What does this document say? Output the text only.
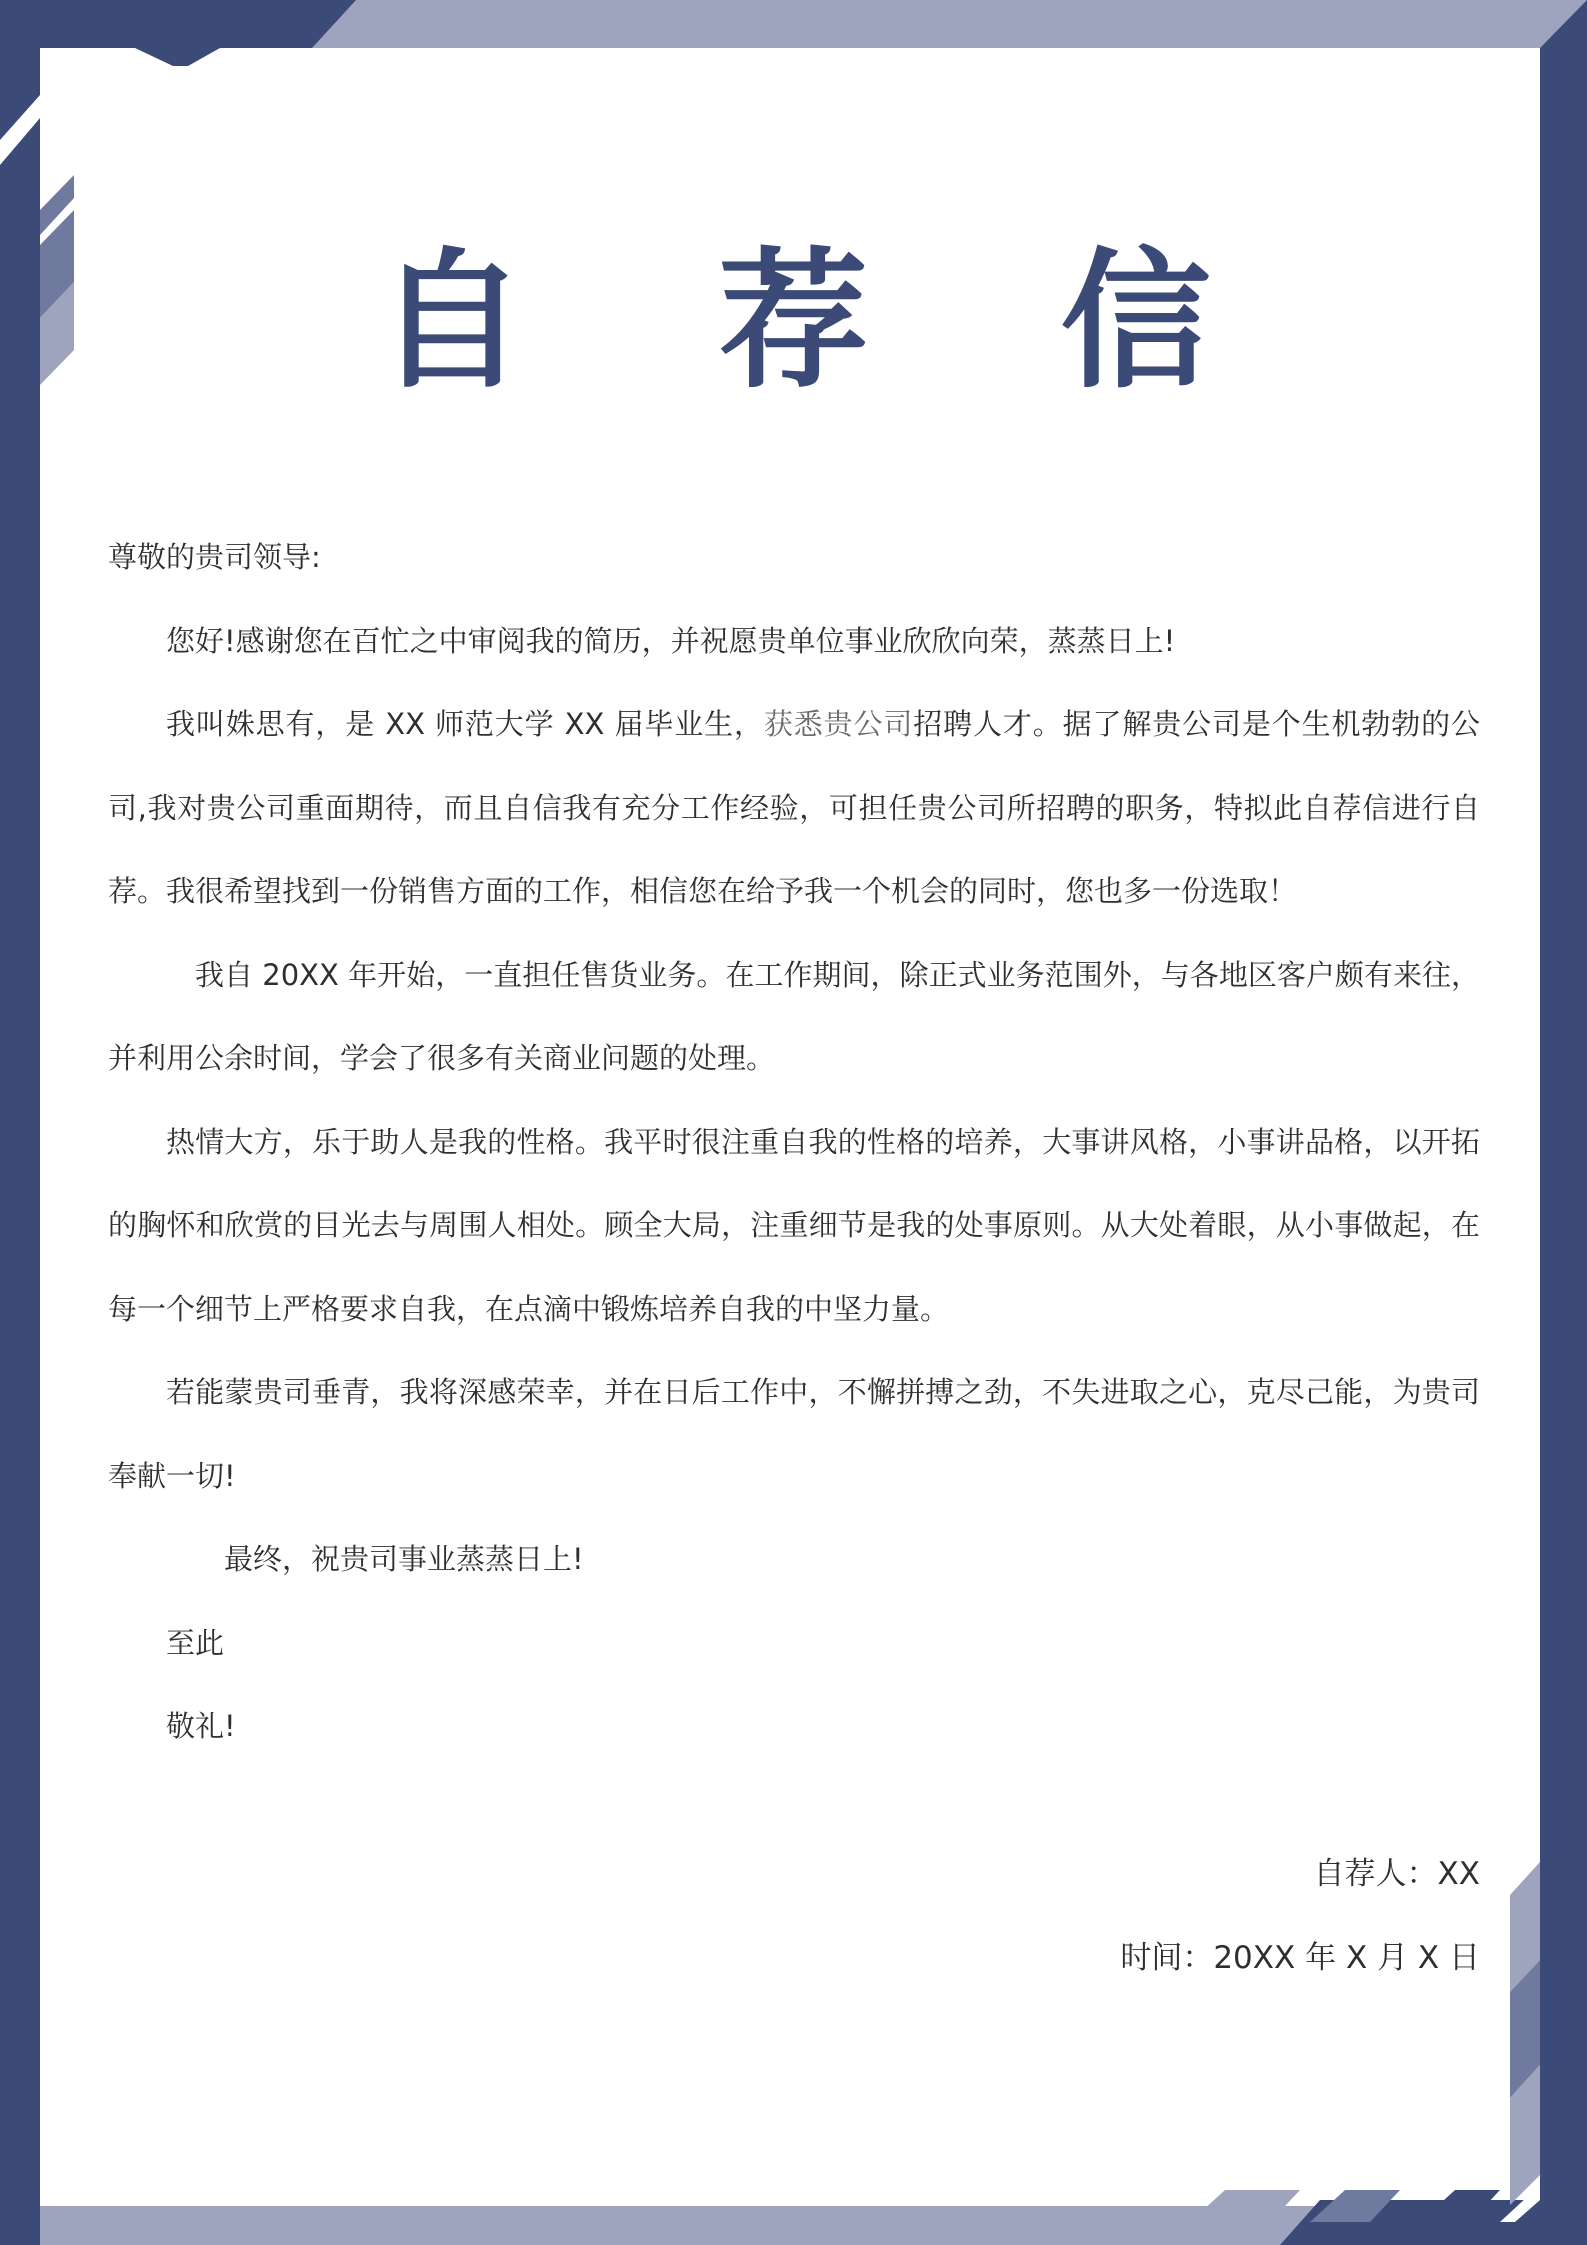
自 荐 信

尊敬的贵司领导:

您好!感谢您在百忙之中审阅我的简历，并祝愿贵单位事业欣欣向荣，蒸蒸日上!

我叫姝思有，是 XX 师范大学 XX 届毕业生，获悉贵公司招聘人才。据了解贵公司是个生机勃勃的公司,我对贵公司重面期待，而且自信我有充分工作经验，可担任贵公司所招聘的职务，特拟此自荐信进行自荐。我很希望找到一份销售方面的工作，相信您在给予我一个机会的同时，您也多一份选取！

我自 20XX 年开始，一直担任售货业务。在工作期间，除正式业务范围外，与各地区客户颇有来往，并利用公余时间，学会了很多有关商业问题的处理。

热情大方，乐于助人是我的性格。我平时很注重自我的性格的培养，大事讲风格，小事讲品格，以开拓的胸怀和欣赏的目光去与周围人相处。顾全大局，注重细节是我的处事原则。从大处着眼，从小事做起，在每一个细节上严格要求自我，在点滴中锻炼培养自我的中坚力量。

若能蒙贵司垂青，我将深感荣幸，并在日后工作中，不懈拼搏之劲，不失进取之心，克尽己能，为贵司奉献一切!

最终，祝贵司事业蒸蒸日上!

至此

敬礼!

自荐人：XX

时间：20XX 年 X 月 X 日
